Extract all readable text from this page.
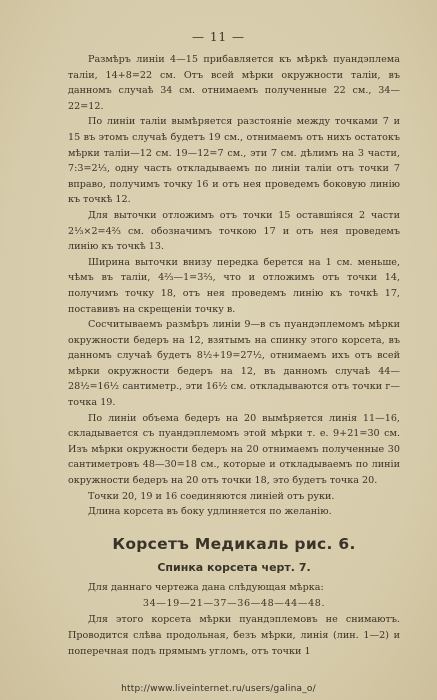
— 11 —

Размѣръ линіи 4—15 прибавляется къ мѣркѣ пуандэплема таліи, 14+8=22 см. Отъ всей мѣрки окружности таліи, въ данномъ случаѣ 34 см. отнимаемъ полученные 22 см., 34—22=12.

По линіи таліи вымѣряется разстояніе между точками 7 и 15 въ этомъ случаѣ будетъ 19 см., отнимаемъ отъ нихъ остатокъ мѣрки таліи—12 см. 19—12=7 см., эти 7 см. дѣлимъ на 3 части, 7:3=2⅓, одну часть откладываемъ по линіи таліи отъ точки 7 вправо, получимъ точку 16 и отъ нея проведемъ боковую линію къ точкѣ 12.

Для выточки отложимъ отъ точки 15 оставшіяся 2 части 2⅓×2=4⅔ см. обозначимъ точкою 17 и отъ нея проведемъ линію къ точкѣ 13.

Ширина выточки внизу передка берется на 1 см. меньше, чѣмъ въ таліи, 4⅔—1=3⅔, что и отложимъ отъ точки 14, получимъ точку 18, отъ нея проведемъ линію къ точкѣ 17, поставивъ на скрещеніи точку в.

Сосчитываемъ размѣръ линіи 9—в съ пуандэплемомъ мѣрки окружности бедеръ на 12, взятымъ на спинку этого корсета, въ данномъ случаѣ будетъ 8½+19=27½, отнимаемъ ихъ отъ всей мѣрки окружности бедеръ на 12, въ данномъ случаѣ 44—28½=16½ сантиметр., эти 16½ см. откладываются отъ точки г—точка 19.

По линіи объема бедеръ на 20 вымѣряется линія 11—16, складывается съ пуандэплемомъ этой мѣрки т. е. 9+21=30 см. Изъ мѣрки окружности бедеръ на 20 отнимаемъ полученные 30 сантиметровъ 48—30=18 см., которые и откладываемъ по линіи окружности бедеръ на 20 отъ точки 18, это будетъ точка 20.

Точки 20, 19 и 16 соединяются линіей отъ руки.

Длина корсета въ боку удлиняется по желанію.

Корсетъ Медикаль рис. 6.
Спинка корсета черт. 7.

Для даннаго чертежа дана слѣдующая мѣрка:

34—19—21—37—36—48—44—48.

Для этого корсета мѣрки пуандэплемовъ не снимаютъ. Проводится слѣва продольная, безъ мѣрки, линія (лин. 1—2) и поперечная подъ прямымъ угломъ, отъ точки 1

http://www.liveinternet.ru/users/galina_o/
